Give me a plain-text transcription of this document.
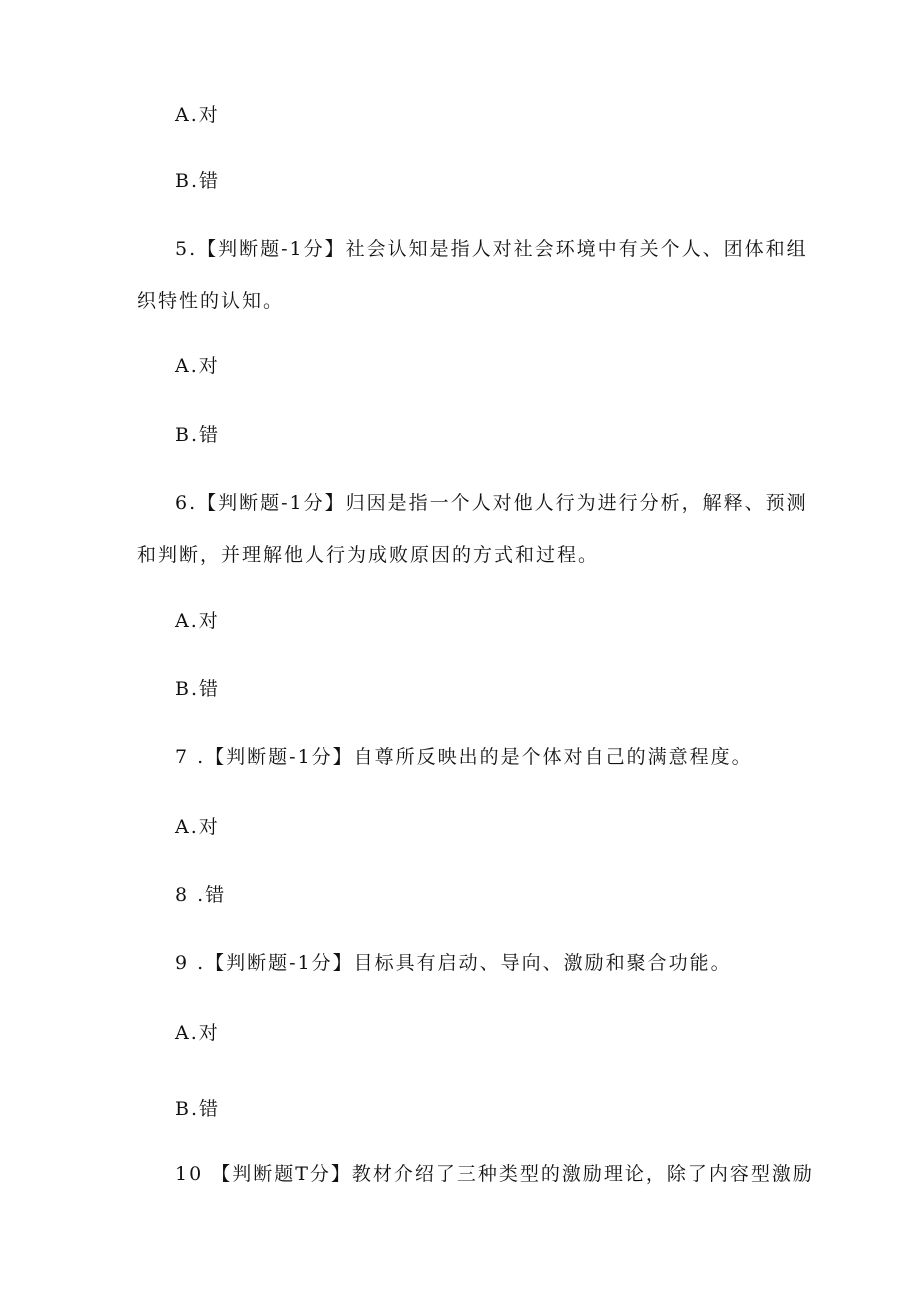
A.对
B.错
5.【判断题-1分】社会认知是指人对社会环境中有关个人、团体和组
织特性的认知。
A.对
B.错
6.【判断题-1分】归因是指一个人对他人行为进行分析，解释、预测
和判断，并理解他人行为成败原因的方式和过程。
A.对
B.错
7 .【判断题-1分】自尊所反映出的是个体对自己的满意程度。
A.对
8 .错
9 .【判断题-1分】目标具有启动、导向、激励和聚合功能。
A.对
B.错
10 【判断题T分】教材介绍了三种类型的激励理论，除了内容型激励
